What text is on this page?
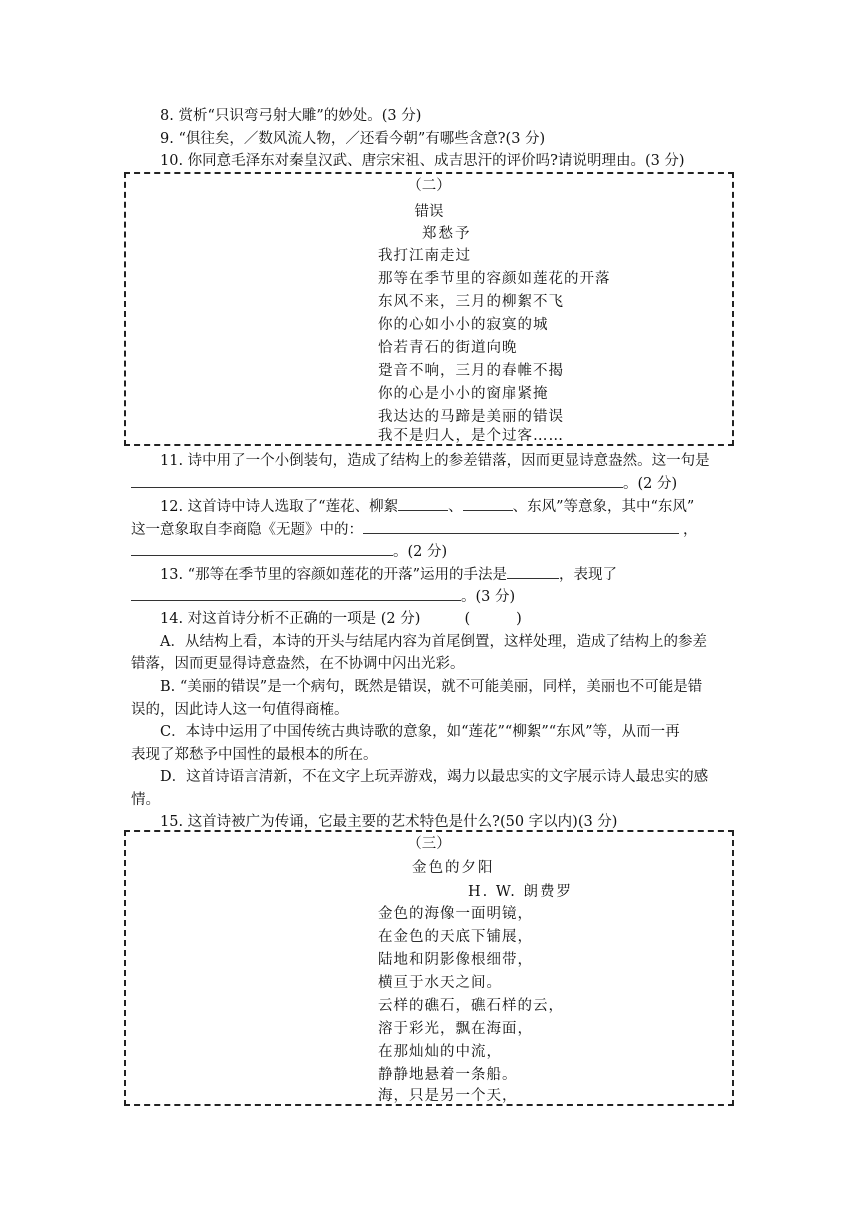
8. 赏析“只识弯弓射大雕”的妙处。(3 分)
9. “俱往矣，／数风流人物，／还看今朝”有哪些含意?(3 分)
10. 你同意毛泽东对秦皇汉武、唐宗宋祖、成吉思汗的评价吗?请说明理由。(3 分)
（二）
错误
郑愁予
我打江南走过
那等在季节里的容颜如莲花的开落
东风不来，三月的柳絮不飞
你的心如小小的寂寞的城
恰若青石的街道向晚
跫音不响，三月的春帷不揭
你的心是小小的窗扉紧掩
我达达的马蹄是美丽的错误
我不是归人，是个过客……
11. 诗中用了一个小倒装句，造成了结构上的参差错落，因而更显诗意盎然。这一句是
。(2 分)
12. 这首诗中诗人选取了“莲花、柳絮	、	、东风”等意象，其中“东风”
这一意象取自李商隐《无题》中的：	，
。(2 分)
13. “那等在季节里的容颜如莲花的开落”运用的手法是	，表现了
。(3 分)
14. 对这首诗分析不正确的一项是 (2 分)	(	)
A．从结构上看，本诗的开头与结尾内容为首尾倒置，这样处理，造成了结构上的参差
错落，因而更显得诗意盎然，在不协调中闪出光彩。
B. “美丽的错误”是一个病句，既然是错误，就不可能美丽，同样，美丽也不可能是错
误的，因此诗人这一句值得商榷。
C．本诗中运用了中国传统古典诗歌的意象，如“莲花”“柳絮”“东风”等，从而一再
表现了郑愁予中国性的最根本的所在。
D．这首诗语言清新，不在文字上玩弄游戏，竭力以最忠实的文字展示诗人最忠实的感
情。
15. 这首诗被广为传诵，它最主要的艺术特色是什么?(50 字以内)(3 分)
（三）
金色的夕阳
H. W. 朗费罗
金色的海像一面明镜，
在金色的天底下铺展，
陆地和阴影像根细带，
横亘于水天之间。
云样的礁石，礁石样的云，
溶于彩光，飘在海面，
在那灿灿的中流，
静静地悬着一条船。
海，只是另一个天，
